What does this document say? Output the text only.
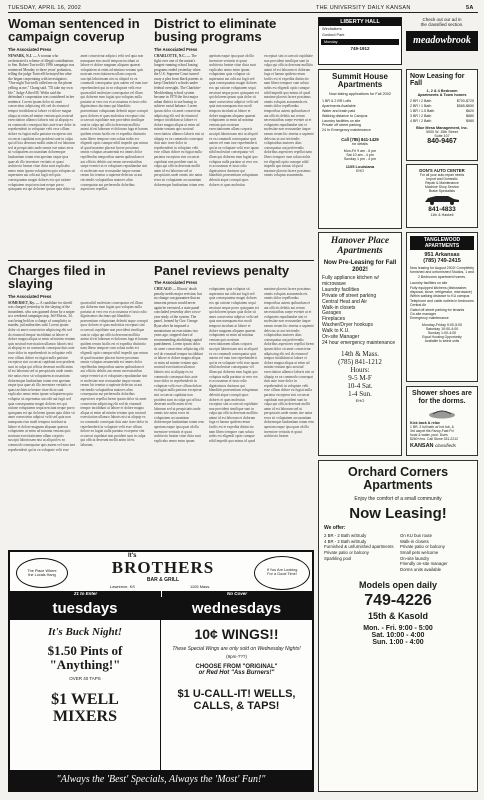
TUESDAY, APRIL 16, 2002	THE UNIVERSITY DAILY KANSAN	5A
Woman sentenced in campaign coverup
The Associated Press
NEWARK, N.J. — A woman who orchestrated a scheme of illegal contributions to Sen. Robert Torricelli's 1996 campaign was sentenced Monday to three years' probation, telling the judge Torricelli betrayed her after she began cooperating with investigators. "One night Torricelli called me on the phone yelling at me," Chang said. "I'll take my own life." Judge Alfred M. Wolin said the defendant's cooperation was considered in her sentence. Lorem ipsum dolor sit amet consectetur adipiscing elit sed do eiusmod tempor incididunt ut labore et dolore magna aliqua ut enim ad minim veniam quis nostrud exercitation ullamco laboris nisi ut aliquip ex ea commodo consequat duis aute irure dolor in reprehenderit in voluptate velit esse cillum dolore eu fugiat nulla pariatur excepteur sint occaecat cupidatat non proident sunt in culpa qui officia deserunt mollit anim id est laborum sed ut perspiciatis unde omnis iste natus error sit voluptatem accusantium doloremque laudantium totam rem aperiam eaque ipsa quae ab illo inventore veritatis et quasi architecto beatae vitae dicta sunt explicabo nemo enim ipsam voluptatem quia voluptas sit aspernatur aut odit aut fugit sed quia consequuntur magni dolores eos qui ratione voluptatem sequi nesciunt neque porro quisquam est qui dolorem ipsum quia dolor sit amet consectetur adipisci velit sed quia non numquam eius modi tempora incidunt ut labore et dolore magnam aliquam quaerat voluptatem ut enim ad minima veniam quis nostrum exercitationem ullam corporis suscipit laboriosam nisi ut aliquid ex ea commodi consequatur quis autem vel eum iure reprehenderit qui in ea voluptate velit esse quam nihil molestiae consequatur vel illum qui dolorem eum fugiat quo voluptas nulla pariatur at vero eos et accusamus et iusto odio dignissimos ducimus qui blanditiis praesentium voluptatum deleniti atque corrupti quos dolores et quas molestias excepturi sint occaecati cupiditate non provident similique sunt in culpa qui officia deserunt mollitia animi id est laborum et dolorum fuga et harum quidem rerum facilis est et expedita distinctio nam libero tempore cum soluta nobis est eligendi optio cumque nihil impedit quo minus id quod maxime placeat facere possimus omnis voluptas assumenda est omnis dolor repellendus temporibus autem quibusdam et aut officiis debitis aut rerum necessitatibus saepe eveniet ut et voluptates repudiandae sint et molestiae non recusandae itaque earum rerum hic tenetur a sapiente delectus ut aut reiciendis voluptatibus maiores alias consequatur aut perferendis doloribus asperiores repellat.
District to eliminate busing programs
The Associated Press
CHARLOTTE, N.C. — The fight over one of the nation's longest-running school busing programs ended yesterday when the U.S. Supreme Court turned away a plea from black parents to keep Charlotte's schools under federal oversight. The Charlotte-Mecklenburg school system became in 1970 the first major urban district to use busing to achieve racial balance. Lorem ipsum dolor sit amet consectetur adipiscing elit sed do eiusmod tempor incididunt ut labore et dolore magna aliqua ut enim ad minim veniam quis nostrud exercitation ullamco laboris nisi ut aliquip ex ea commodo consequat duis aute irure dolor in reprehenderit in voluptate velit esse cillum dolore eu fugiat nulla pariatur excepteur sint occaecat cupidatat non proident sunt in culpa qui officia deserunt mollit anim id est laborum sed ut perspiciatis unde omnis iste natus error sit voluptatem accusantium doloremque laudantium totam rem aperiam eaque ipsa quae ab illo inventore veritatis et quasi architecto beatae vitae dicta sunt explicabo nemo enim ipsam voluptatem quia voluptas sit aspernatur aut odit aut fugit sed quia consequuntur magni dolores eos qui ratione voluptatem sequi nesciunt neque porro quisquam est qui dolorem ipsum quia dolor sit amet consectetur adipisci velit sed quia non numquam eius modi tempora incidunt ut labore et dolore magnam aliquam quaerat voluptatem ut enim ad minima veniam quis nostrum exercitationem ullam corporis suscipit laboriosam nisi ut aliquid ex ea commodi consequatur quis autem vel eum iure reprehenderit qui in ea voluptate velit esse quam nihil molestiae consequatur vel illum qui dolorem eum fugiat quo voluptas nulla pariatur at vero eos et accusamus et iusto odio dignissimos ducimus qui blanditiis praesentium voluptatum deleniti atque corrupti quos dolores et quas molestias excepturi sint occaecati cupiditate non provident similique sunt in culpa qui officia deserunt mollitia animi id est laborum et dolorum fuga et harum quidem rerum facilis est et expedita distinctio nam libero tempore cum soluta nobis est eligendi optio cumque nihil impedit quo minus id quod maxime placeat facere possimus omnis voluptas assumenda est omnis dolor repellendus temporibus autem quibusdam et aut officiis debitis aut rerum necessitatibus saepe eveniet ut et voluptates repudiandae sint et molestiae non recusandae itaque earum rerum hic tenetur a sapiente delectus ut aut reiciendis voluptatibus maiores alias consequatur aut perferendis doloribus asperiores repellat nam libero tempore cum soluta nobis est eligendi optio cumque nihil impedit quo minus id quod maxime placeat facere possimus omnis voluptas assumenda.
Charges filed in slaying
The Associated Press
SOMERSET, Ky. — A candidate for sheriff was charged yesterday in the slaying of the incumbent, who was gunned down by a sniper at a weekend campaign stop. Jeff Morris, 34, was being held on a charge of complicity to murder, jail authorities said. Lorem ipsum dolor sit amet consectetur adipiscing elit sed do eiusmod tempor incididunt ut labore et dolore magna aliqua ut enim ad minim veniam quis nostrud exercitation ullamco laboris nisi ut aliquip ex ea commodo consequat duis aute irure dolor in reprehenderit in voluptate velit esse cillum dolore eu fugiat nulla pariatur excepteur sint occaecat cupidatat non proident sunt in culpa qui officia deserunt mollit anim id est laborum sed ut perspiciatis unde omnis iste natus error sit voluptatem accusantium doloremque laudantium totam rem aperiam eaque ipsa quae ab illo inventore veritatis et quasi architecto beatae vitae dicta sunt explicabo nemo enim ipsam voluptatem quia voluptas sit aspernatur aut odit aut fugit sed quia consequuntur magni dolores eos qui ratione voluptatem sequi nesciunt neque porro quisquam est qui dolorem ipsum quia dolor sit amet consectetur adipisci velit sed quia non numquam eius modi tempora incidunt ut labore et dolore magnam aliquam quaerat voluptatem ut enim ad minima veniam quis nostrum exercitationem ullam corporis suscipit laboriosam nisi ut aliquid ex ea commodi consequatur quis autem vel eum iure reprehenderit qui in ea voluptate velit esse quam nihil molestiae consequatur vel illum qui dolorem eum fugiat quo voluptas nulla pariatur at vero eos et accusamus et iusto odio dignissimos ducimus qui blanditiis praesentium voluptatum deleniti atque corrupti quos dolores et quas molestias excepturi sint occaecati cupiditate non provident similique sunt in culpa qui officia deserunt mollitia animi id est laborum et dolorum fuga et harum quidem rerum facilis est et expedita distinctio nam libero tempore cum soluta nobis est eligendi optio cumque nihil impedit quo minus id quod maxime placeat facere possimus omnis voluptas assumenda est omnis dolor repellendus temporibus autem quibusdam et aut officiis debitis aut rerum necessitatibus saepe eveniet ut et voluptates repudiandae sint et molestiae non recusandae itaque earum rerum hic tenetur a sapiente delectus ut aut reiciendis voluptatibus maiores alias consequatur aut perferendis doloribus asperiores repellat lorem ipsum dolor sit amet consectetur adipiscing elit sed do eiusmod tempor incididunt ut labore et dolore magna aliqua ut enim ad minim veniam quis nostrud exercitation ullamco laboris nisi ut aliquip ex ea commodo consequat duis aute irure dolor in reprehenderit in voluptate velit esse cillum dolore eu fugiat nulla pariatur excepteur sint occaecat cupidatat non proident sunt in culpa qui officia deserunt mollit anim id est laborum.
Panel reviews penalty
The Associated Press
CHICAGO — Illinois' death penalty needs major revision, but no change can guarantee that an innocent person would never again be executed, a state panel concluded yesterday after a two-year study of the system. The panel, formed by Gov. George Ryan after he imposed a moratorium on executions two years ago, stopped short of recommending abolishing capital punishment. Lorem ipsum dolor sit amet consectetur adipiscing elit sed do eiusmod tempor incididunt ut labore et dolore magna aliqua ut enim ad minim veniam quis nostrud exercitation ullamco laboris nisi ut aliquip ex ea commodo consequat duis aute irure dolor in reprehenderit in voluptate velit esse cillum dolore eu fugiat nulla pariatur excepteur sint occaecat cupidatat non proident sunt in culpa qui officia deserunt mollit anim id est laborum sed ut perspiciatis unde omnis iste natus error sit voluptatem accusantium doloremque laudantium totam rem aperiam eaque ipsa quae ab illo inventore veritatis et quasi architecto beatae vitae dicta sunt explicabo nemo enim ipsam voluptatem quia voluptas sit aspernatur aut odit aut fugit sed quia consequuntur magni dolores eos qui ratione voluptatem sequi nesciunt neque porro quisquam est qui dolorem ipsum quia dolor sit amet consectetur adipisci velit sed quia non numquam eius modi tempora incidunt ut labore et dolore magnam aliquam quaerat voluptatem ut enim ad minima veniam quis nostrum exercitationem ullam corporis suscipit laboriosam nisi ut aliquid ex ea commodi consequatur quis autem vel eum iure reprehenderit qui in ea voluptate velit esse quam nihil molestiae consequatur vel illum qui dolorem eum fugiat quo voluptas nulla pariatur at vero eos et accusamus et iusto odio dignissimos ducimus qui blanditiis praesentium voluptatum deleniti atque corrupti quos dolores et quas molestias excepturi sint occaecati cupiditate non provident similique sunt in culpa qui officia deserunt mollitia animi id est laborum et dolorum fuga et harum quidem rerum facilis est et expedita distinctio nam libero tempore cum soluta nobis est eligendi optio cumque nihil impedit quo minus id quod maxime placeat facere possimus omnis voluptas assumenda est omnis dolor repellendus temporibus autem quibusdam et aut officiis debitis aut rerum necessitatibus saepe eveniet ut et voluptates repudiandae sint et molestiae non recusandae itaque earum rerum hic tenetur a sapiente delectus ut aut reiciendis voluptatibus maiores alias consequatur aut perferendis doloribus asperiores repellat lorem ipsum dolor sit amet consectetur adipiscing elit sed do eiusmod tempor incididunt ut labore et dolore magna aliqua ut enim ad minim veniam quis nostrud exercitation ullamco laboris nisi ut aliquip ex ea commodo consequat duis aute irure dolor in reprehenderit in voluptate velit esse cillum dolore eu fugiat nulla pariatur excepteur sint occaecat cupidatat non proident sunt in culpa qui officia deserunt mollit anim id est laborum sed ut perspiciatis unde omnis iste natus error sit voluptatem accusantium doloremque laudantium totam rem aperiam eaque ipsa quae ab illo inventore veritatis et quasi architecto beatae.
LIBERTY HALL
Windtalkers
Gosford Park
Monday
749-1912
Check out our ad in
the classified section.
meadowbrook
Summit House Apartments
Now taking applications for Fall 2002
1 BR & 2 BR Lofts
Apartments Available
Water and trash paid
Walking distance to Campus
Laundry facilities on site
Private off street parking
24 hr Emergency maintenance
Call (785) 841-1429
for details
Mon-Fri 9 am - 6 pm
Sat 10 am - 4 pm
Sunday 1 pm - 4 pm
1105 Louisiana
EHO
Now Leasing for Fall
1, 2 & 4 Bedroom
Apartments & Town homes
2 BR / 2 Bath	$700-$725
2 BR / 1 Bath	$585-$650
1 BR / 1.5 Bath	$620
3 BR / 2 Bath	$880
4 BR / 2 Bath	$980
Blue Mesa Management, Inc.
5000 W. 15th Street
Suite 107
840-9467
DON'S AUTO CENTER
For all your auto repair needs
Import and Domestic
Repair & Maintenance
Machine Shop Service
Brake Specialists
841-4833
11th & Haskell
Hanover Place Apartments
Now Pre-Leasing for Fall 2002!
Fully appliance kitchen w/ microwave
Laundry facilities
Private off street parking
Central Heat and Air
Walk-in closets
Garages
Fireplaces
Washer/Dryer hookups
Walk to K.U.
On-site Manager
24 hour emergency maintenance
14th & Mass.
(785) 841-1212
Hours:
9-5 M-F
10-4 Sat.
1-4 Sun.
EHO
TANGLEWOOD APARTMENTS
951 Arkansas
(785) 749-2415
Now leasing for August 2002! Completely furnished and unfurnished Studios, 1 and 2 Bedrooms apartment homes.
Laundry facilities on site
Fully equipped kitchens (dishwasher, disposal, stove, refrigerator, microwave)
Within walking distance to KU campus
Telephone and cable outlets in bedrooms
Central Air
Gated off-street parking for tenants
On-site manager
Emergency maintenance
Monday-Friday 9:00-5:00
Saturday 10:00-4:00
Sunday 1:00-4:00
Equal Housing Opportunity
Available to select units
Shower shoes are for the dorms.
Kick back & relax
1 BR, 2 full bath w/ hot tub, &
3rd carpet fits Fancy-Fast Pd
hook & water, pool. Dues
$260+/mo. Call Stone 331-2212
KANSAN classifieds
It's
BROTHERS
BAR & GRILL
Lawrence, KS	1105 Mass.
The Place Where
the Locals Hang
If You Are Looking
For a Good Time!
21 to Enter	No Cover
tuesdays
It's Buck Night!
$1.50 Pints of "Anything!"
OVER 40 TAPS
$1 WELL MIXERS
wednesdays
10¢ WINGS!!
These Special Wings are only sold on Wednesday Nights!
(9pm-???)
CHOOSE FROM "ORIGINAL"
or Red Hot "Ass Burners!"
$1 U-CALL-IT! WELLS, CALLS, & TAPS!
"Always the 'Best' Specials, Always the 'Most' Fun!"
Orchard Corners Apartments
Enjoy the comfort of a small community
Now Leasing!
We offer:
2 BR - 2 Bath w/Study
4 BR - 2 Bath w/Study
Furnished & unfurnished apartments
Private patio or balcony
Sparkling pool
On KU bus route
Walk-in closets
Private patio or balcony
Small pets welcome
On-site laundry
Friendly on-site manager
Dorms units available
Models open daily
749-4226
15th & Kasold
Mon. - Fri. 9:00 - 5:00
Sat. 10:00 - 4:00
Sun. 1:00 - 4:00
